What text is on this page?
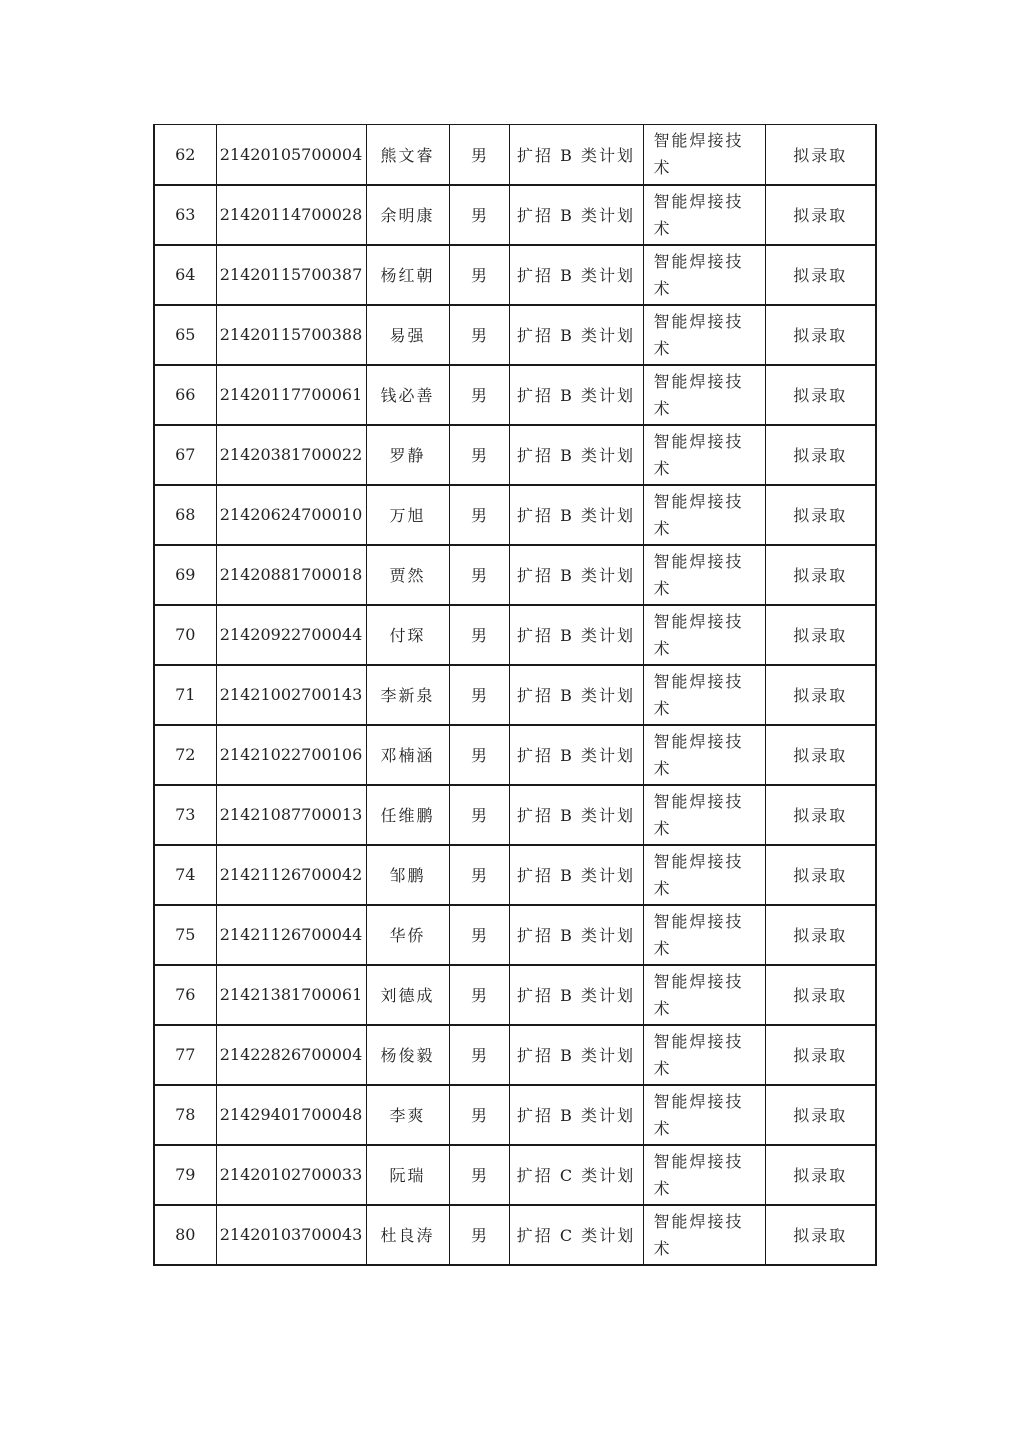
62	21420105700004	熊文睿	男	扩招 B 类计划	智能焊接技术	拟录取
63	21420114700028	余明康	男	扩招 B 类计划	智能焊接技术	拟录取
64	21420115700387	杨红朝	男	扩招 B 类计划	智能焊接技术	拟录取
65	21420115700388	易强	男	扩招 B 类计划	智能焊接技术	拟录取
66	21420117700061	钱必善	男	扩招 B 类计划	智能焊接技术	拟录取
67	21420381700022	罗静	男	扩招 B 类计划	智能焊接技术	拟录取
68	21420624700010	万旭	男	扩招 B 类计划	智能焊接技术	拟录取
69	21420881700018	贾然	男	扩招 B 类计划	智能焊接技术	拟录取
70	21420922700044	付琛	男	扩招 B 类计划	智能焊接技术	拟录取
71	21421002700143	李新泉	男	扩招 B 类计划	智能焊接技术	拟录取
72	21421022700106	邓楠涵	男	扩招 B 类计划	智能焊接技术	拟录取
73	21421087700013	任维鹏	男	扩招 B 类计划	智能焊接技术	拟录取
74	21421126700042	邹鹏	男	扩招 B 类计划	智能焊接技术	拟录取
75	21421126700044	华侨	男	扩招 B 类计划	智能焊接技术	拟录取
76	21421381700061	刘德成	男	扩招 B 类计划	智能焊接技术	拟录取
77	21422826700004	杨俊毅	男	扩招 B 类计划	智能焊接技术	拟录取
78	21429401700048	李爽	男	扩招 B 类计划	智能焊接技术	拟录取
79	21420102700033	阮瑞	男	扩招 C 类计划	智能焊接技术	拟录取
80	21420103700043	杜良涛	男	扩招 C 类计划	智能焊接技术	拟录取
